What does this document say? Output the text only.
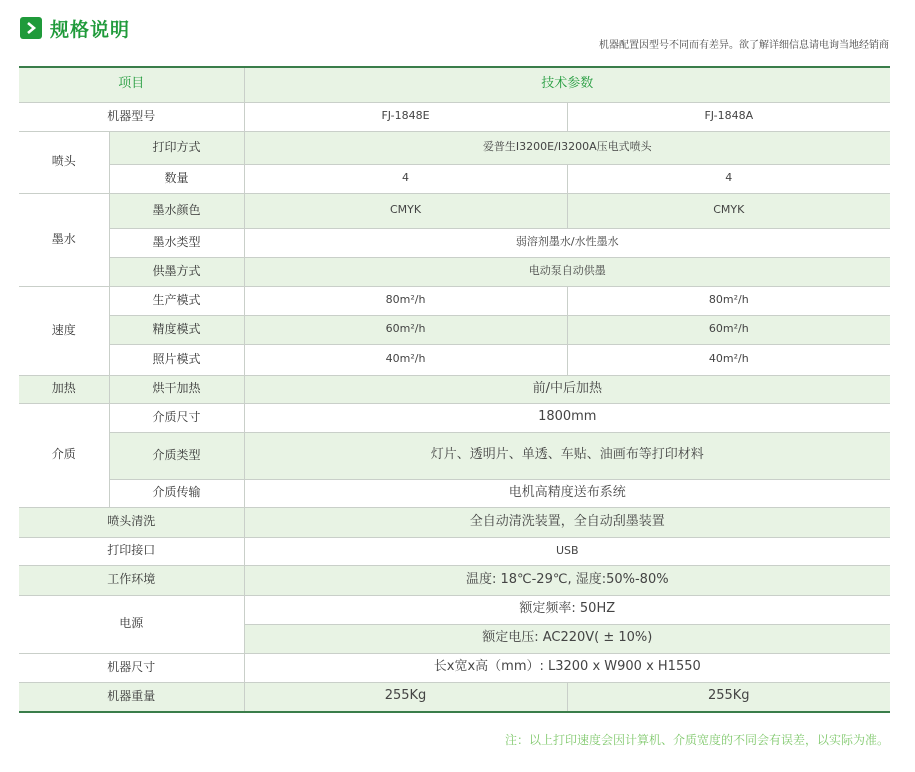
规格说明
机器配置因型号不同而有差异。欲了解详细信息请电询当地经销商
项目		技术参数	
机器型号		FJ-1848E	FJ-1848A
喷头	打印方式	爱普生I3200E/I3200A压电式喷头	
	数量	4	4
墨水	墨水颜色	CMYK	CMYK
	墨水类型	弱溶剂墨水/水性墨水	
	供墨方式	电动泵自动供墨	
速度	生产模式	80m²/h	80m²/h
	精度模式	60m²/h	60m²/h
	照片模式	40m²/h	40m²/h
加热	烘干加热	前/中后加热	
介质	介质尺寸	1800mm	
	介质类型	灯片、透明片、单透、车贴、油画布等打印材料	
	介质传输	电机高精度送布系统	
喷头清洗		全自动清洗装置，全自动刮墨装置	
打印接口		USB	
工作环境		温度: 18℃-29℃, 湿度:50%-80%	
电源		额定频率: 50HZ	
		额定电压: AC220V( ± 10%)	
机器尺寸		长x宽x高（mm）: L3200 x W900 x H1550	
机器重量		255Kg	255Kg
注：以上打印速度会因计算机、介质宽度的不同会有误差，以实际为准。
